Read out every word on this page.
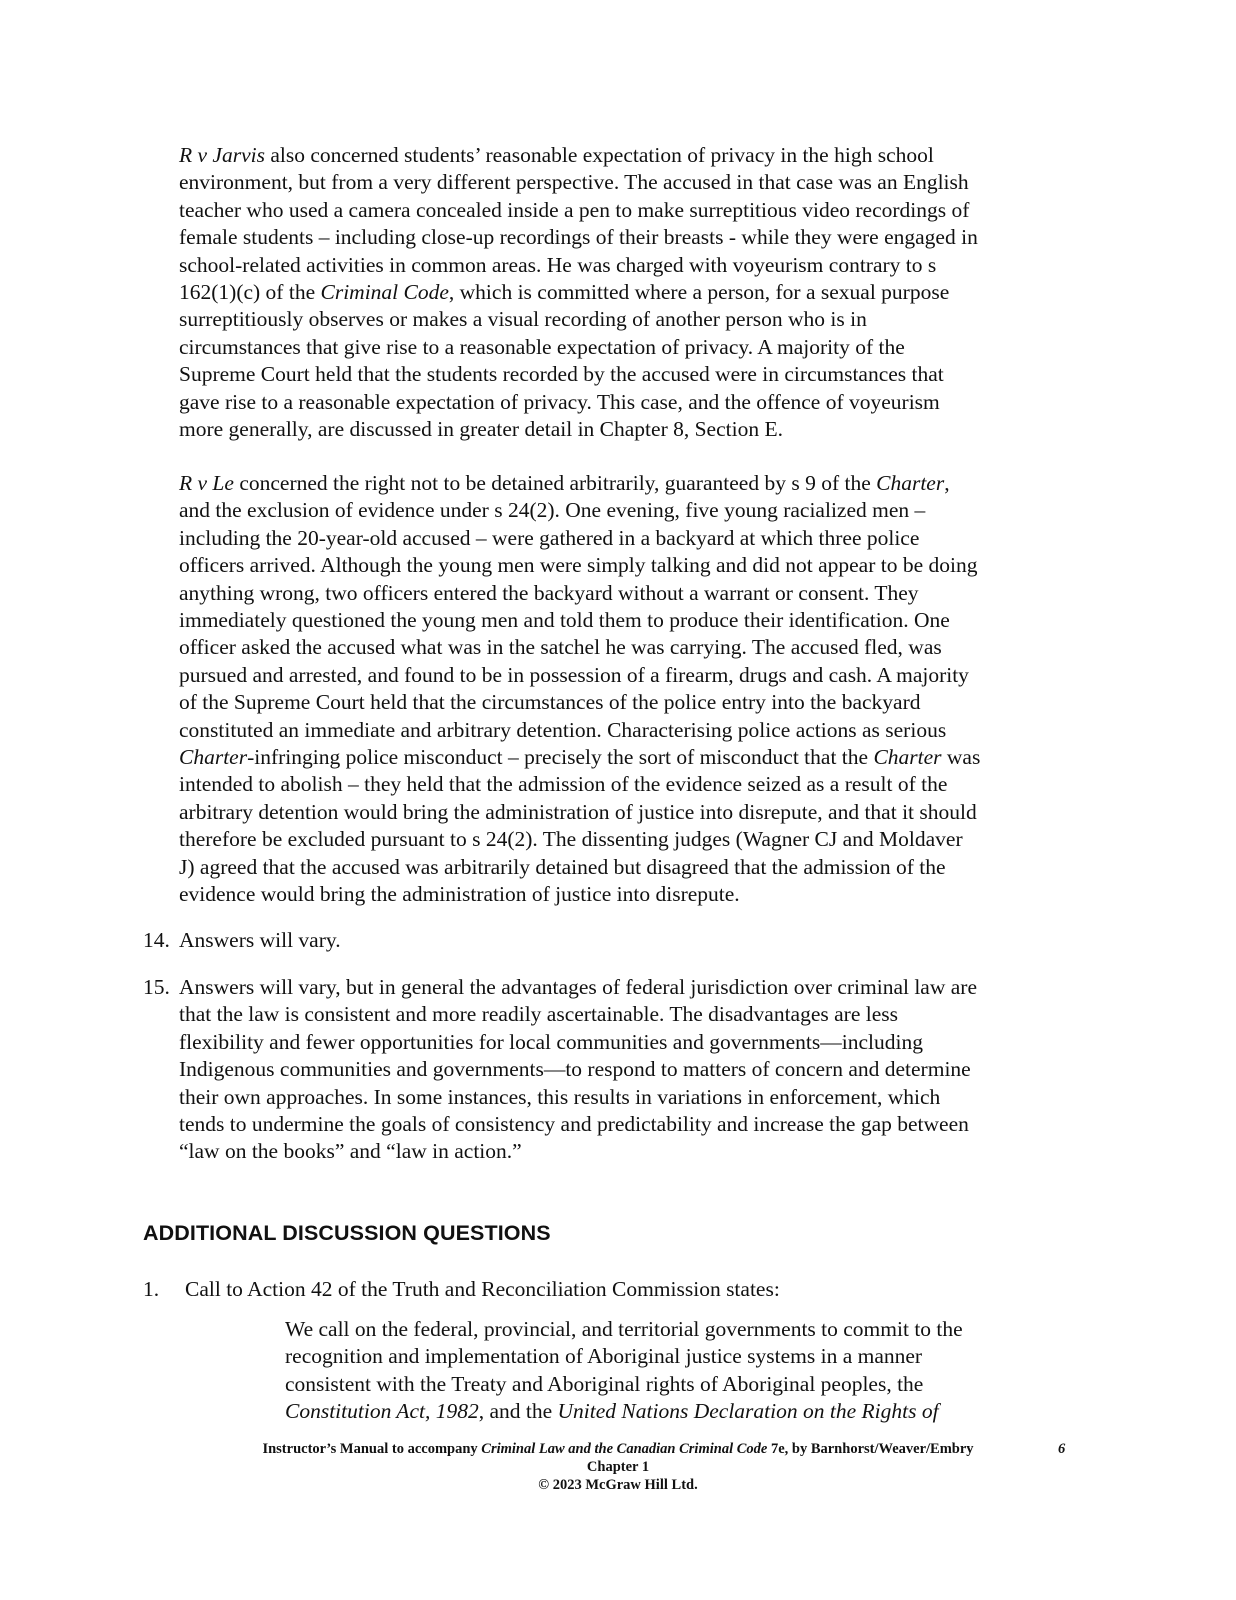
R v Jarvis also concerned students’ reasonable expectation of privacy in the high school
environment, but from a very different perspective. The accused in that case was an English
teacher who used a camera concealed inside a pen to make surreptitious video recordings of
female students – including close-up recordings of their breasts - while they were engaged in
school-related activities in common areas. He was charged with voyeurism contrary to s
162(1)(c) of the Criminal Code, which is committed where a person, for a sexual purpose
surreptitiously observes or makes a visual recording of another person who is in
circumstances that give rise to a reasonable expectation of privacy. A majority of the
Supreme Court held that the students recorded by the accused were in circumstances that
gave rise to a reasonable expectation of privacy. This case, and the offence of voyeurism
more generally, are discussed in greater detail in Chapter 8, Section E.
R v Le concerned the right not to be detained arbitrarily, guaranteed by s 9 of the Charter,
and the exclusion of evidence under s 24(2). One evening, five young racialized men –
including the 20-year-old accused – were gathered in a backyard at which three police
officers arrived. Although the young men were simply talking and did not appear to be doing
anything wrong, two officers entered the backyard without a warrant or consent. They
immediately questioned the young men and told them to produce their identification. One
officer asked the accused what was in the satchel he was carrying. The accused fled, was
pursued and arrested, and found to be in possession of a firearm, drugs and cash. A majority
of the Supreme Court held that the circumstances of the police entry into the backyard
constituted an immediate and arbitrary detention. Characterising police actions as serious
Charter-infringing police misconduct – precisely the sort of misconduct that the Charter was
intended to abolish – they held that the admission of the evidence seized as a result of the
arbitrary detention would bring the administration of justice into disrepute, and that it should
therefore be excluded pursuant to s 24(2). The dissenting judges (Wagner CJ and Moldaver
J) agreed that the accused was arbitrarily detained but disagreed that the admission of the
evidence would bring the administration of justice into disrepute.
14. Answers will vary.
15. Answers will vary, but in general the advantages of federal jurisdiction over criminal law are
that the law is consistent and more readily ascertainable. The disadvantages are less
flexibility and fewer opportunities for local communities and governments—including
Indigenous communities and governments—to respond to matters of concern and determine
their own approaches. In some instances, this results in variations in enforcement, which
tends to undermine the goals of consistency and predictability and increase the gap between
“law on the books” and “law in action.”
ADDITIONAL DISCUSSION QUESTIONS
1. Call to Action 42 of the Truth and Reconciliation Commission states:
We call on the federal, provincial, and territorial governments to commit to the
recognition and implementation of Aboriginal justice systems in a manner
consistent with the Treaty and Aboriginal rights of Aboriginal peoples, the
Constitution Act, 1982, and the United Nations Declaration on the Rights of
Instructor’s Manual to accompany Criminal Law and the Canadian Criminal Code 7e, by Barnhorst/Weaver/Embry
Chapter 1
© 2023 McGraw Hill Ltd.
6
